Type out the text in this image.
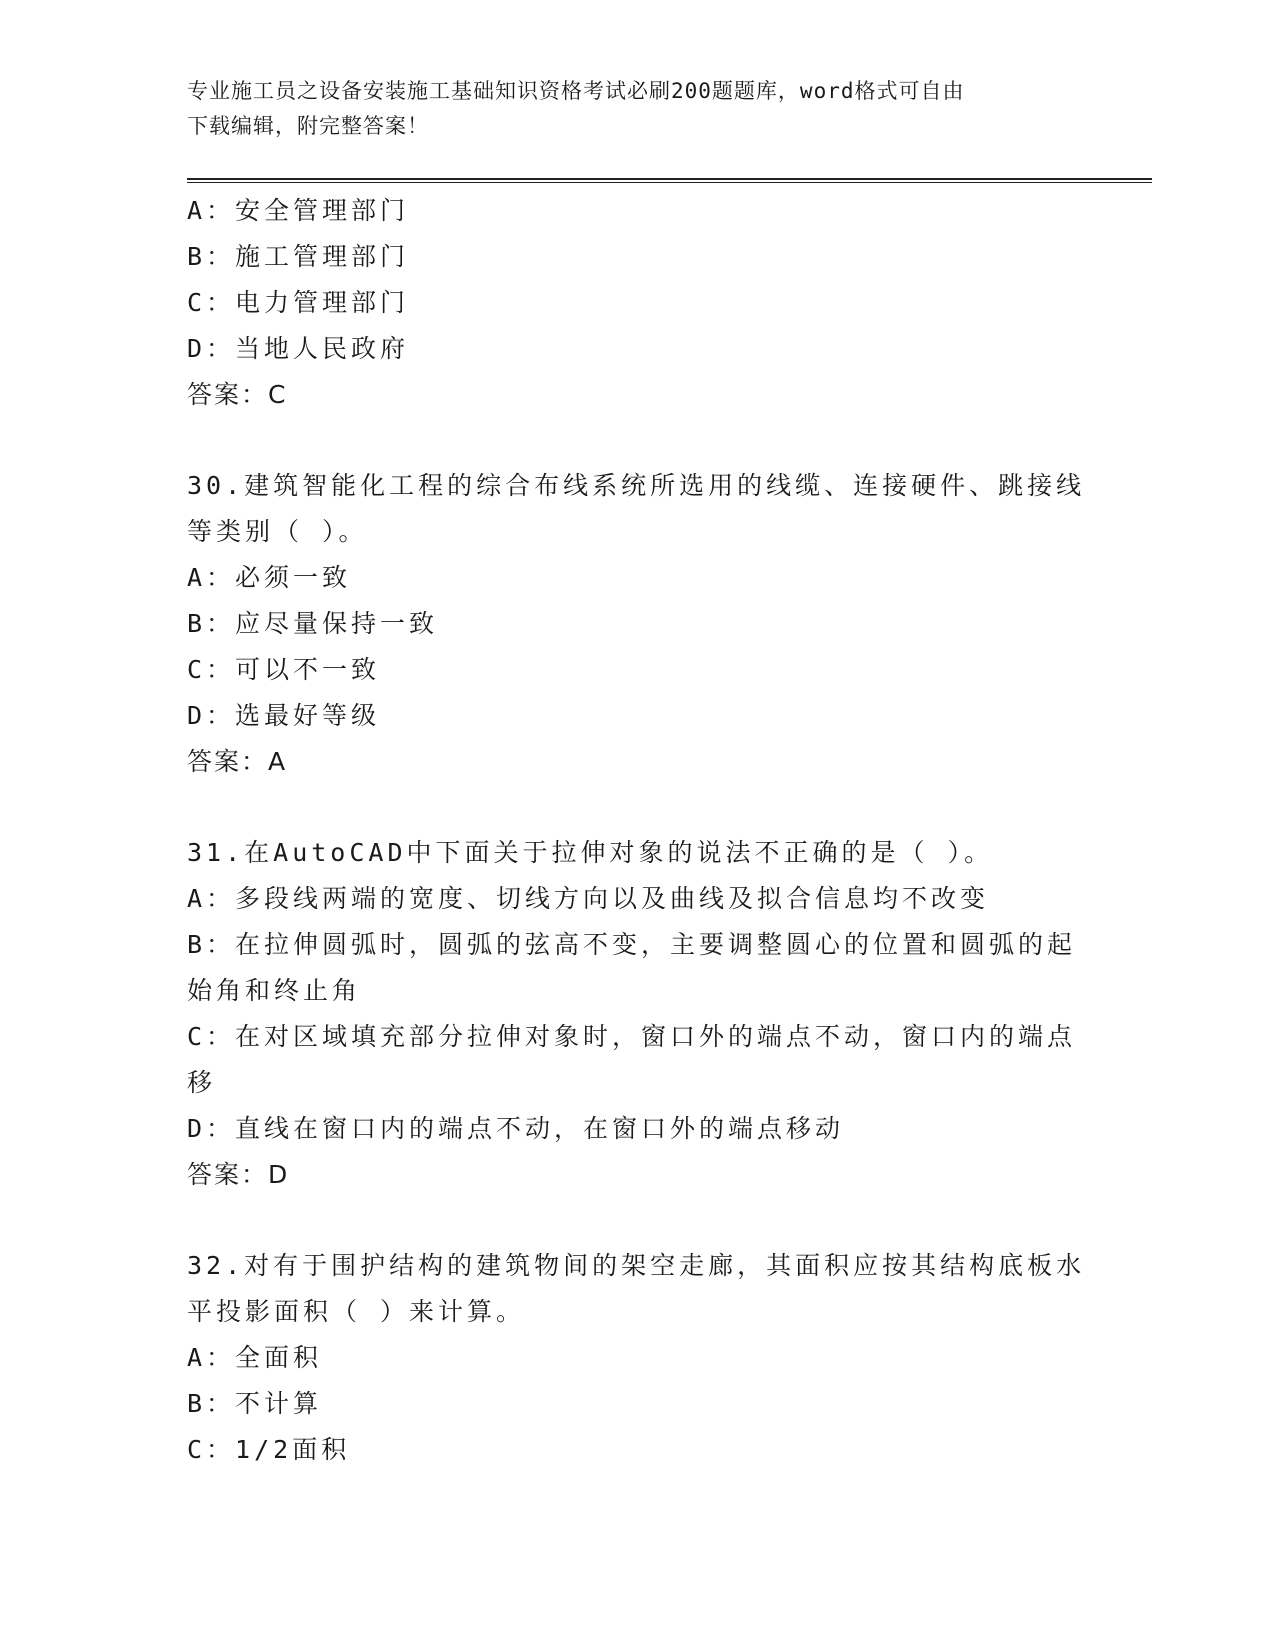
专业施工员之设备安装施工基础知识资格考试必刷200题题库，word格式可自由
下载编辑，附完整答案！
A：安全管理部门
B：施工管理部门
C：电力管理部门
D：当地人民政府
答案：C
30.建筑智能化工程的综合布线系统所选用的线缆、连接硬件、跳接线
等类别（ ）。
A：必须一致
B：应尽量保持一致
C：可以不一致
D：选最好等级
答案：A
31.在AutoCAD中下面关于拉伸对象的说法不正确的是（ ）。
A：多段线两端的宽度、切线方向以及曲线及拟合信息均不改变
B：在拉伸圆弧时，圆弧的弦高不变，主要调整圆心的位置和圆弧的起
始角和终止角
C：在对区域填充部分拉伸对象时，窗口外的端点不动，窗口内的端点
移
D：直线在窗口内的端点不动，在窗口外的端点移动
答案：D
32.对有于围护结构的建筑物间的架空走廊，其面积应按其结构底板水
平投影面积（ ）来计算。
A：全面积
B：不计算
C：1/2面积
